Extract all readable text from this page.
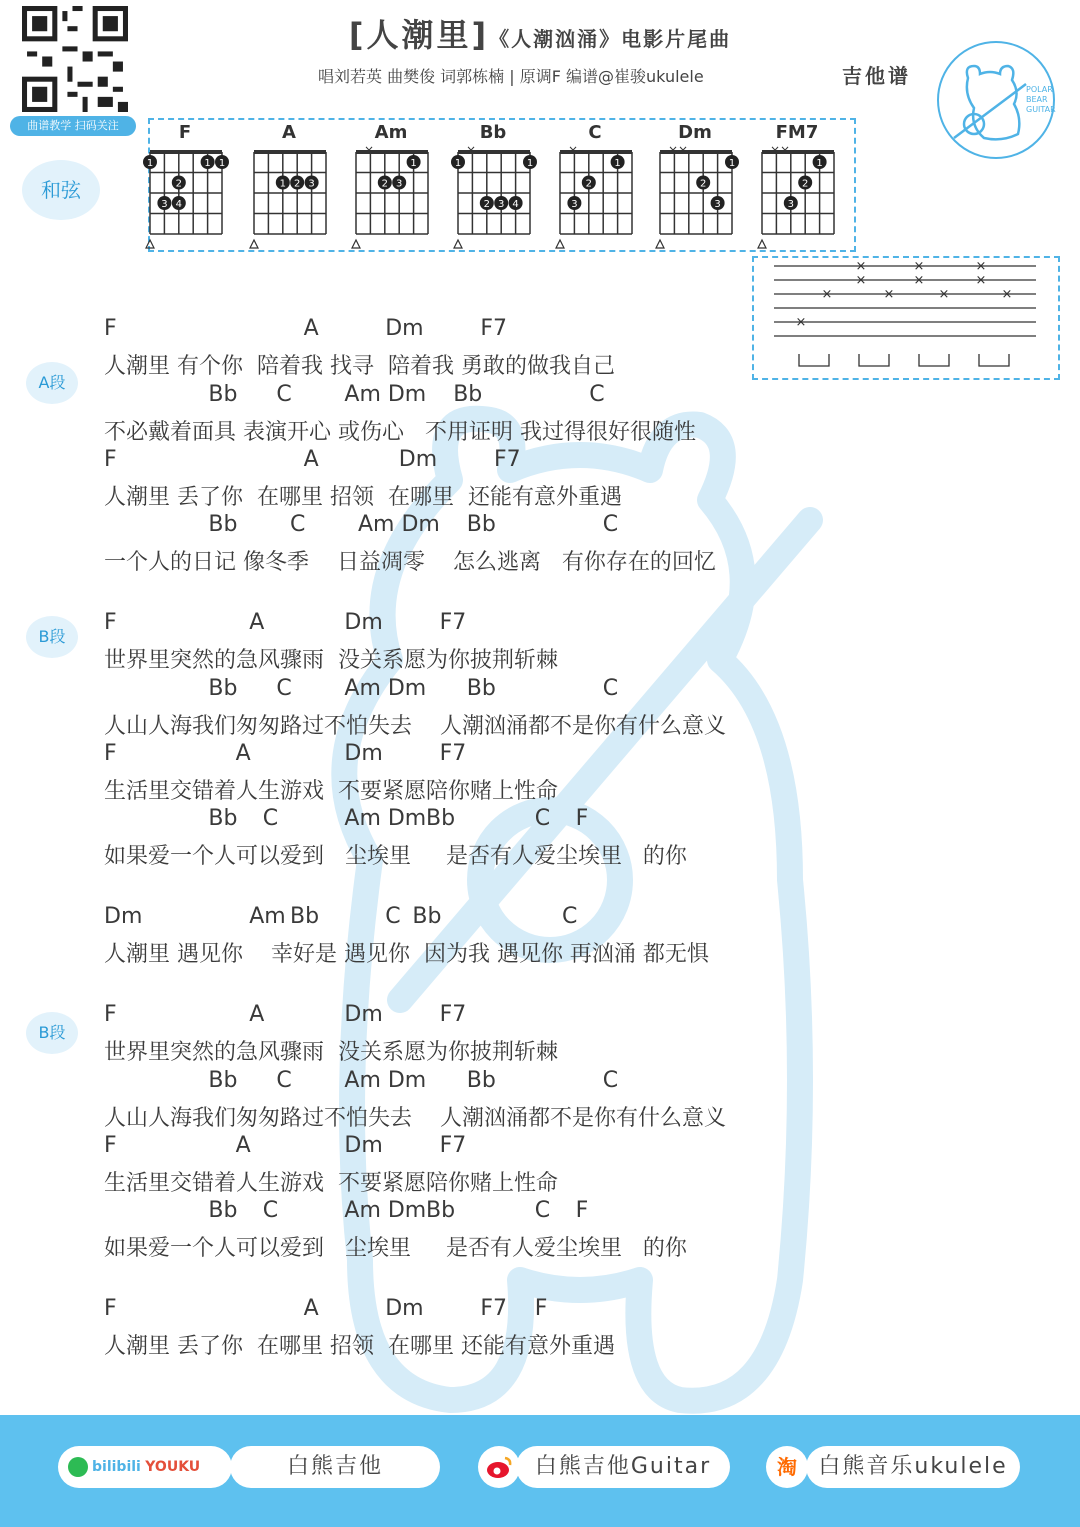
曲谱教学 扫码关注
[人潮里]《人潮汹涌》电影片尾曲
唱刘若英 曲樊俊 词郭栋楠 | 原调F 编谱@崔骏ukulele	吉他谱
POLAR
BEAR
GUITAR
和弦
F
1	1 1
2
3 4
A
1 2 3
Am
1
2 3
Bb
1	1
2 3 4
C
1
2
3
Dm
1
2
3
FM7
1
2
3
×
×
×
×
×
×
×	×	×	×
×
A段
F	A	Dm	F7
人潮里 有个你  陪着我 找寻  陪着我 勇敢的做我自己
Bb C Am Dm Bb	C
不必戴着面具 表演开心 或伤心   不用证明 我过得很好很随性
F	A	Dm	F7
人潮里 丢了你  在哪里 招领  在哪里  还能有意外重遇
Bb C Am Dm Bb	C
一个人的日记 像冬季    日益凋零    怎么逃离   有你存在的回忆
B段
F	A	Dm	F7
世界里突然的急风骤雨  没关系愿为你披荆斩棘
Bb C Am Dm Bb	C
人山人海我们匆匆路过不怕失去    人潮汹涌都不是你有什么意义
F	A	Dm	F7
生活里交错着人生游戏  不要紧愿陪你赌上性命
Bb C	Am Dm Bb	C F
如果爱一个人可以爱到   尘埃里     是否有人爱尘埃里   的你
Dm	Am Bb	C Bb	C
人潮里 遇见你    幸好是 遇见你  因为我 遇见你 再汹涌 都无惧
B段
F	A	Dm	F7
世界里突然的急风骤雨  没关系愿为你披荆斩棘
Bb C Am Dm Bb	C
人山人海我们匆匆路过不怕失去    人潮汹涌都不是你有什么意义
F	A	Dm	F7
生活里交错着人生游戏  不要紧愿陪你赌上性命
Bb C	Am Dm Bb	C F
如果爱一个人可以爱到   尘埃里     是否有人爱尘埃里   的你
F	A	Dm	F7 F
人潮里 丢了你  在哪里 招领  在哪里 还能有意外重遇
bilibili YOUKU	白熊吉他	白熊吉他Guitar	淘 白熊音乐ukulele
